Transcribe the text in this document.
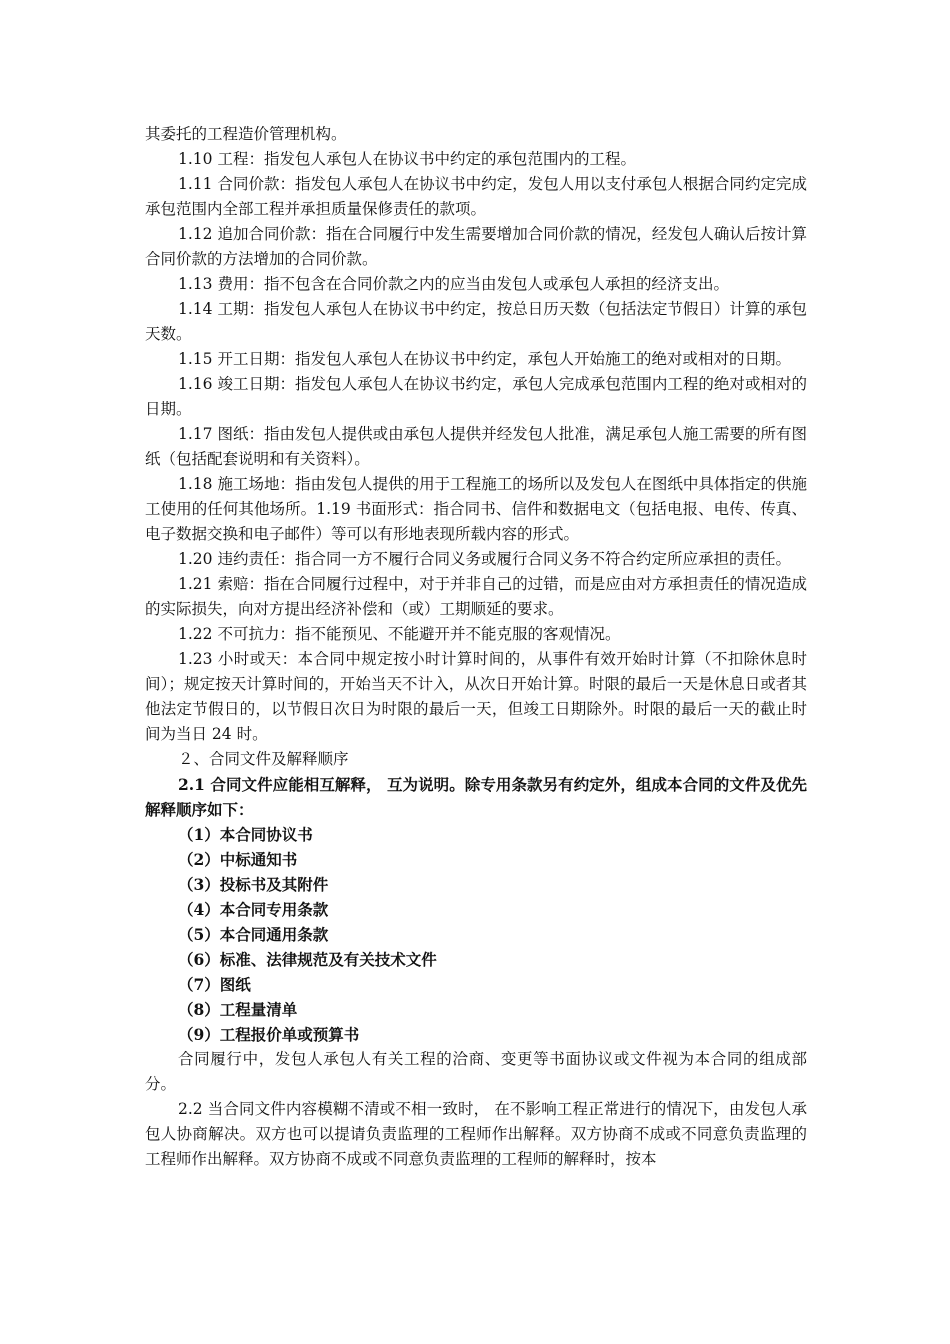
其委托的工程造价管理机构。

1.10 工程：指发包人承包人在协议书中约定的承包范围内的工程。

1.11 合同价款：指发包人承包人在协议书中约定，发包人用以支付承包人根据合同约定完成承包范围内全部工程并承担质量保修责任的款项。

1.12 追加合同价款：指在合同履行中发生需要增加合同价款的情况，经发包人确认后按计算合同价款的方法增加的合同价款。

1.13 费用：指不包含在合同价款之内的应当由发包人或承包人承担的经济支出。

1.14 工期：指发包人承包人在协议书中约定，按总日历天数（包括法定节假日）计算的承包天数。

1.15 开工日期：指发包人承包人在协议书中约定，承包人开始施工的绝对或相对的日期。

1.16 竣工日期：指发包人承包人在协议书约定，承包人完成承包范围内工程的绝对或相对的日期。

1.17 图纸：指由发包人提供或由承包人提供并经发包人批准，满足承包人施工需要的所有图纸（包括配套说明和有关资料）。

1.18 施工场地：指由发包人提供的用于工程施工的场所以及发包人在图纸中具体指定的供施工使用的任何其他场所。1.19 书面形式：指合同书、信件和数据电文（包括电报、电传、传真、电子数据交换和电子邮件）等可以有形地表现所载内容的形式。

1.20 违约责任：指合同一方不履行合同义务或履行合同义务不符合约定所应承担的责任。

1.21 索赔：指在合同履行过程中，对于并非自己的过错，而是应由对方承担责任的情况造成的实际损失，向对方提出经济补偿和（或）工期顺延的要求。

1.22 不可抗力：指不能预见、不能避开并不能克服的客观情况。

1.23 小时或天：本合同中规定按小时计算时间的，从事件有效开始时计算（不扣除休息时间）；规定按天计算时间的，开始当天不计入，从次日开始计算。时限的最后一天是休息日或者其他法定节假日的，以节假日次日为时限的最后一天，但竣工日期除外。时限的最后一天的截止时间为当日 24 时。

２、合同文件及解释顺序

2.1 合同文件应能相互解释， 互为说明。除专用条款另有约定外，组成本合同的文件及优先解释顺序如下：

（1）本合同协议书

（2）中标通知书

（3）投标书及其附件

（4）本合同专用条款

（5）本合同通用条款

（6）标准、法律规范及有关技术文件

（7）图纸

（8）工程量清单

（9）工程报价单或预算书

合同履行中，发包人承包人有关工程的洽商、变更等书面协议或文件视为本合同的组成部分。

2.2 当合同文件内容模糊不清或不相一致时， 在不影响工程正常进行的情况下，由发包人承包人协商解决。双方也可以提请负责监理的工程师作出解释。双方协商不成或不同意负责监理的工程师作出解释。双方协商不成或不同意负责监理的工程师的解释时，按本
